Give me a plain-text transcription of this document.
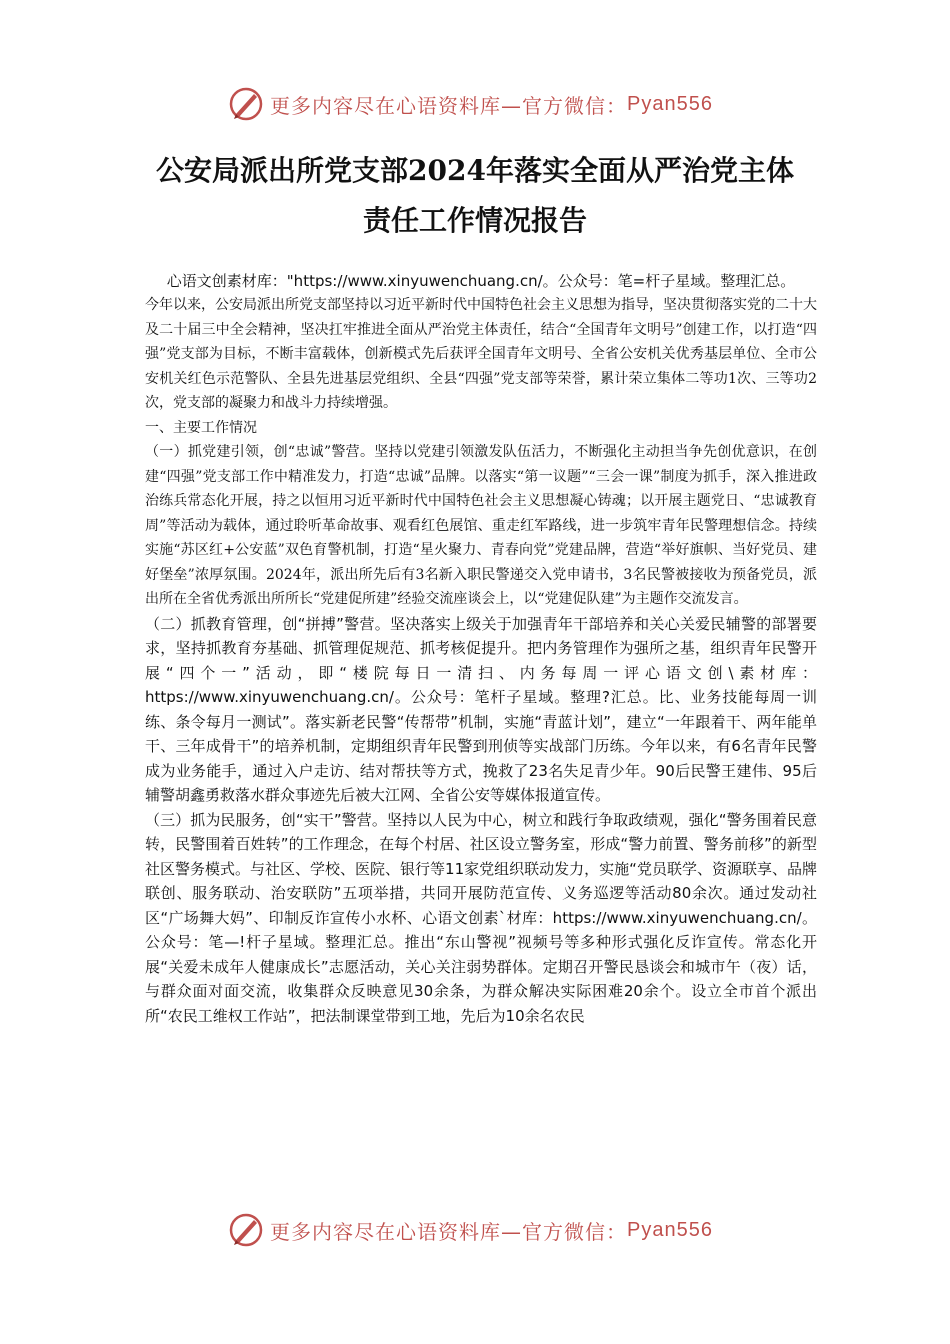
更多内容尽在心语资料库—官方微信： Pyan556
公安局派出所党支部2024年落实全面从严治党主体
责任工作情况报告
心语文创素材库："https://www.xinyuwenchuang.cn/。公众号：笔=杆子星域。整理汇总。
今年以来，公安局派出所党支部坚持以习近平新时代中国特色社会主义思想为指导，坚决贯彻落实党的二十大及二十届三中全会精神，坚决扛牢推进全面从严治党主体责任，结合“全国青年文明号”创建工作，以打造“四强”党支部为目标，不断丰富载体，创新模式先后获评全国青年文明号、全省公安机关优秀基层单位、全市公安机关红色示范警队、全县先进基层党组织、全县“四强”党支部等荣誉，累计荣立集体二等功1次、三等功2次，党支部的凝聚力和战斗力持续增强。
一、主要工作情况
（一）抓党建引领，创“忠诚”警营。坚持以党建引领激发队伍活力，不断强化主动担当争先创优意识，在创建“四强”党支部工作中精准发力，打造“忠诚”品牌。以落实“第一议题”“三会一课”制度为抓手，深入推进政治练兵常态化开展，持之以恒用习近平新时代中国特色社会主义思想凝心铸魂；以开展主题党日、“忠诚教育周”等活动为载体，通过聆听革命故事、观看红色展馆、重走红军路线，进一步筑牢青年民警理想信念。持续实施“苏区红+公安蓝”双色育警机制，打造“星火聚力、青春向党”党建品牌，营造“举好旗帜、当好党员、建好堡垒”浓厚氛围。2024年，派出所先后有3名新入职民警递交入党申请书，3名民警被接收为预备党员，派出所在全省优秀派出所所长“党建促所建”经验交流座谈会上，以“党建促队建”为主题作交流发言。
（二）抓教育管理，创“拼搏”警营。坚决落实上级关于加强青年干部培养和关心关爱民辅警的部署要求，坚持抓教育夯基础、抓管理促规范、抓考核促提升。把内务管理作为强所之基，组织青年民警开展“四个一”活动，即“楼院每日一清扫、内务每周一评心语文创\素材库：https://www.xinyuwenchuang.cn/。公众号：笔杆子星域。整理?汇总。比、业务技能每周一训练、条令每月一测试”。落实新老民警“传帮带”机制，实施“青蓝计划”，建立“一年跟着干、两年能单干、三年成骨干”的培养机制，定期组织青年民警到刑侦等实战部门历练。今年以来，有6名青年民警成为业务能手，通过入户走访、结对帮扶等方式，挽救了23名失足青少年。90后民警王建伟、95后辅警胡鑫勇救落水群众事迹先后被大江网、全省公安等媒体报道宣传。
（三）抓为民服务，创“实干”警营。坚持以人民为中心，树立和践行争取政绩观，强化“警务围着民意转，民警围着百姓转”的工作理念，在每个村居、社区设立警务室，形成“警力前置、警务前移”的新型社区警务模式。与社区、学校、医院、银行等11家党组织联动发力，实施“党员联学、资源联享、品牌联创、服务联动、治安联防”五项举措，共同开展防范宣传、义务巡逻等活动80余次。通过发动社区“广场舞大妈”、印制反诈宣传小水杯、心语文创素`材库：https://www.xinyuwenchuang.cn/。公众号：笔—!杆子星域。整理汇总。推出“东山警视”视频号等多种形式强化反诈宣传。常态化开展“关爱未成年人健康成长”志愿活动，关心关注弱势群体。定期召开警民恳谈会和城市午（夜）话，与群众面对面交流，收集群众反映意见30余条，为群众解决实际困难20余个。设立全市首个派出所“农民工维权工作站”，把法制课堂带到工地，先后为10余名农民
更多内容尽在心语资料库—官方微信： Pyan556
